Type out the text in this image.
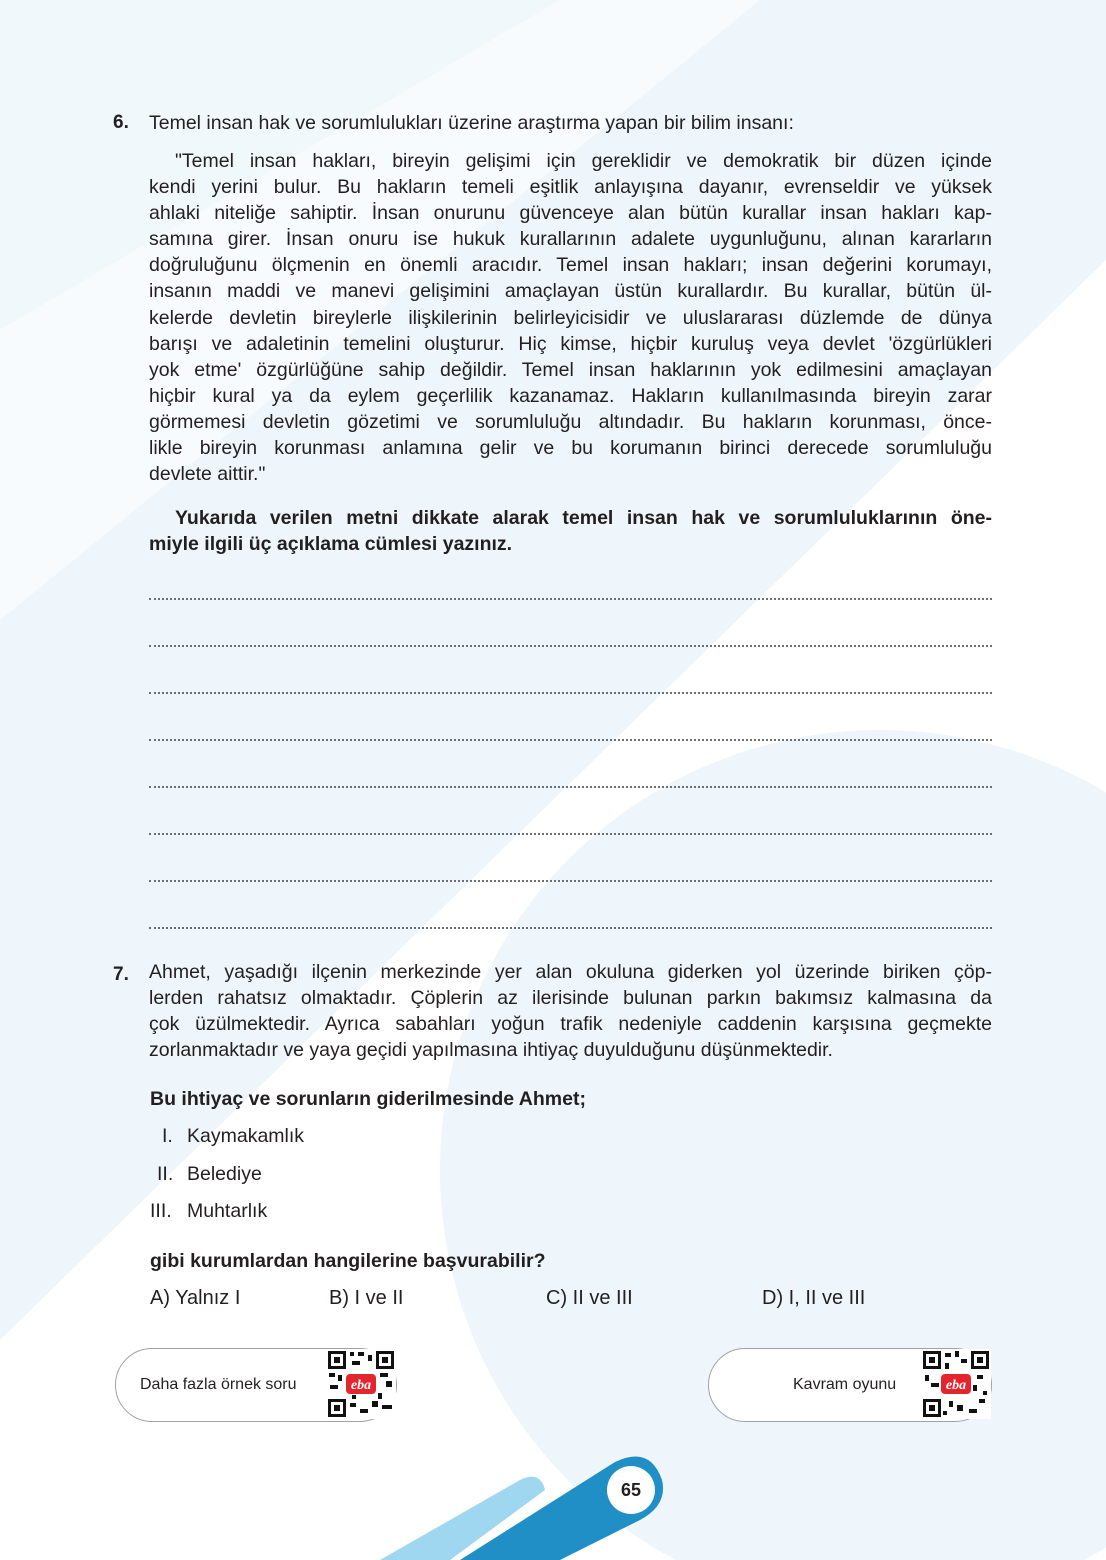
6. Temel insan hak ve sorumlulukları üzerine araştırma yapan bir bilim insanı:
"Temel insan hakları, bireyin gelişimi için gereklidir ve demokratik bir düzen içinde
kendi yerini bulur. Bu hakların temeli eşitlik anlayışına dayanır, evrenseldir ve yüksek
ahlaki niteliğe sahiptir. İnsan onurunu güvenceye alan bütün kurallar insan hakları kap-
samına girer. İnsan onuru ise hukuk kurallarının adalete uygunluğunu, alınan kararların
doğruluğunu ölçmenin en önemli aracıdır. Temel insan hakları; insan değerini korumayı,
insanın maddi ve manevi gelişimini amaçlayan üstün kurallardır. Bu kurallar, bütün ül-
kelerde devletin bireylerle ilişkilerinin belirleyicisidir ve uluslararası düzlemde de dünya
barışı ve adaletinin temelini oluşturur. Hiç kimse, hiçbir kuruluş veya devlet 'özgürlükleri
yok etme' özgürlüğüne sahip değildir. Temel insan haklarının yok edilmesini amaçlayan
hiçbir kural ya da eylem geçerlilik kazanamaz. Hakların kullanılmasında bireyin zarar
görmemesi devletin gözetimi ve sorumluluğu altındadır. Bu hakların korunması, önce-
likle bireyin korunması anlamına gelir ve bu korumanın birinci derecede sorumluluğu
devlete aittir."
Yukarıda verilen metni dikkate alarak temel insan hak ve sorumluluklarının öne-
miyle ilgili üç açıklama cümlesi yazınız.
7. Ahmet, yaşadığı ilçenin merkezinde yer alan okuluna giderken yol üzerinde biriken çöp-
lerden rahatsız olmaktadır. Çöplerin az ilerisinde bulunan parkın bakımsız kalmasına da
çok üzülmektedir. Ayrıca sabahları yoğun trafik nedeniyle caddenin karşısına geçmekte
zorlanmaktadır ve yaya geçidi yapılmasına ihtiyaç duyulduğunu düşünmektedir.
Bu ihtiyaç ve sorunların giderilmesinde Ahmet;
I. Kaymakamlık
II. Belediye
III. Muhtarlık
gibi kurumlardan hangilerine başvurabilir?
A) Yalnız I	B) I ve II	C) II ve III	D) I, II ve III
Daha fazla örnek soru	eba	Kavram oyunu	eba
65
